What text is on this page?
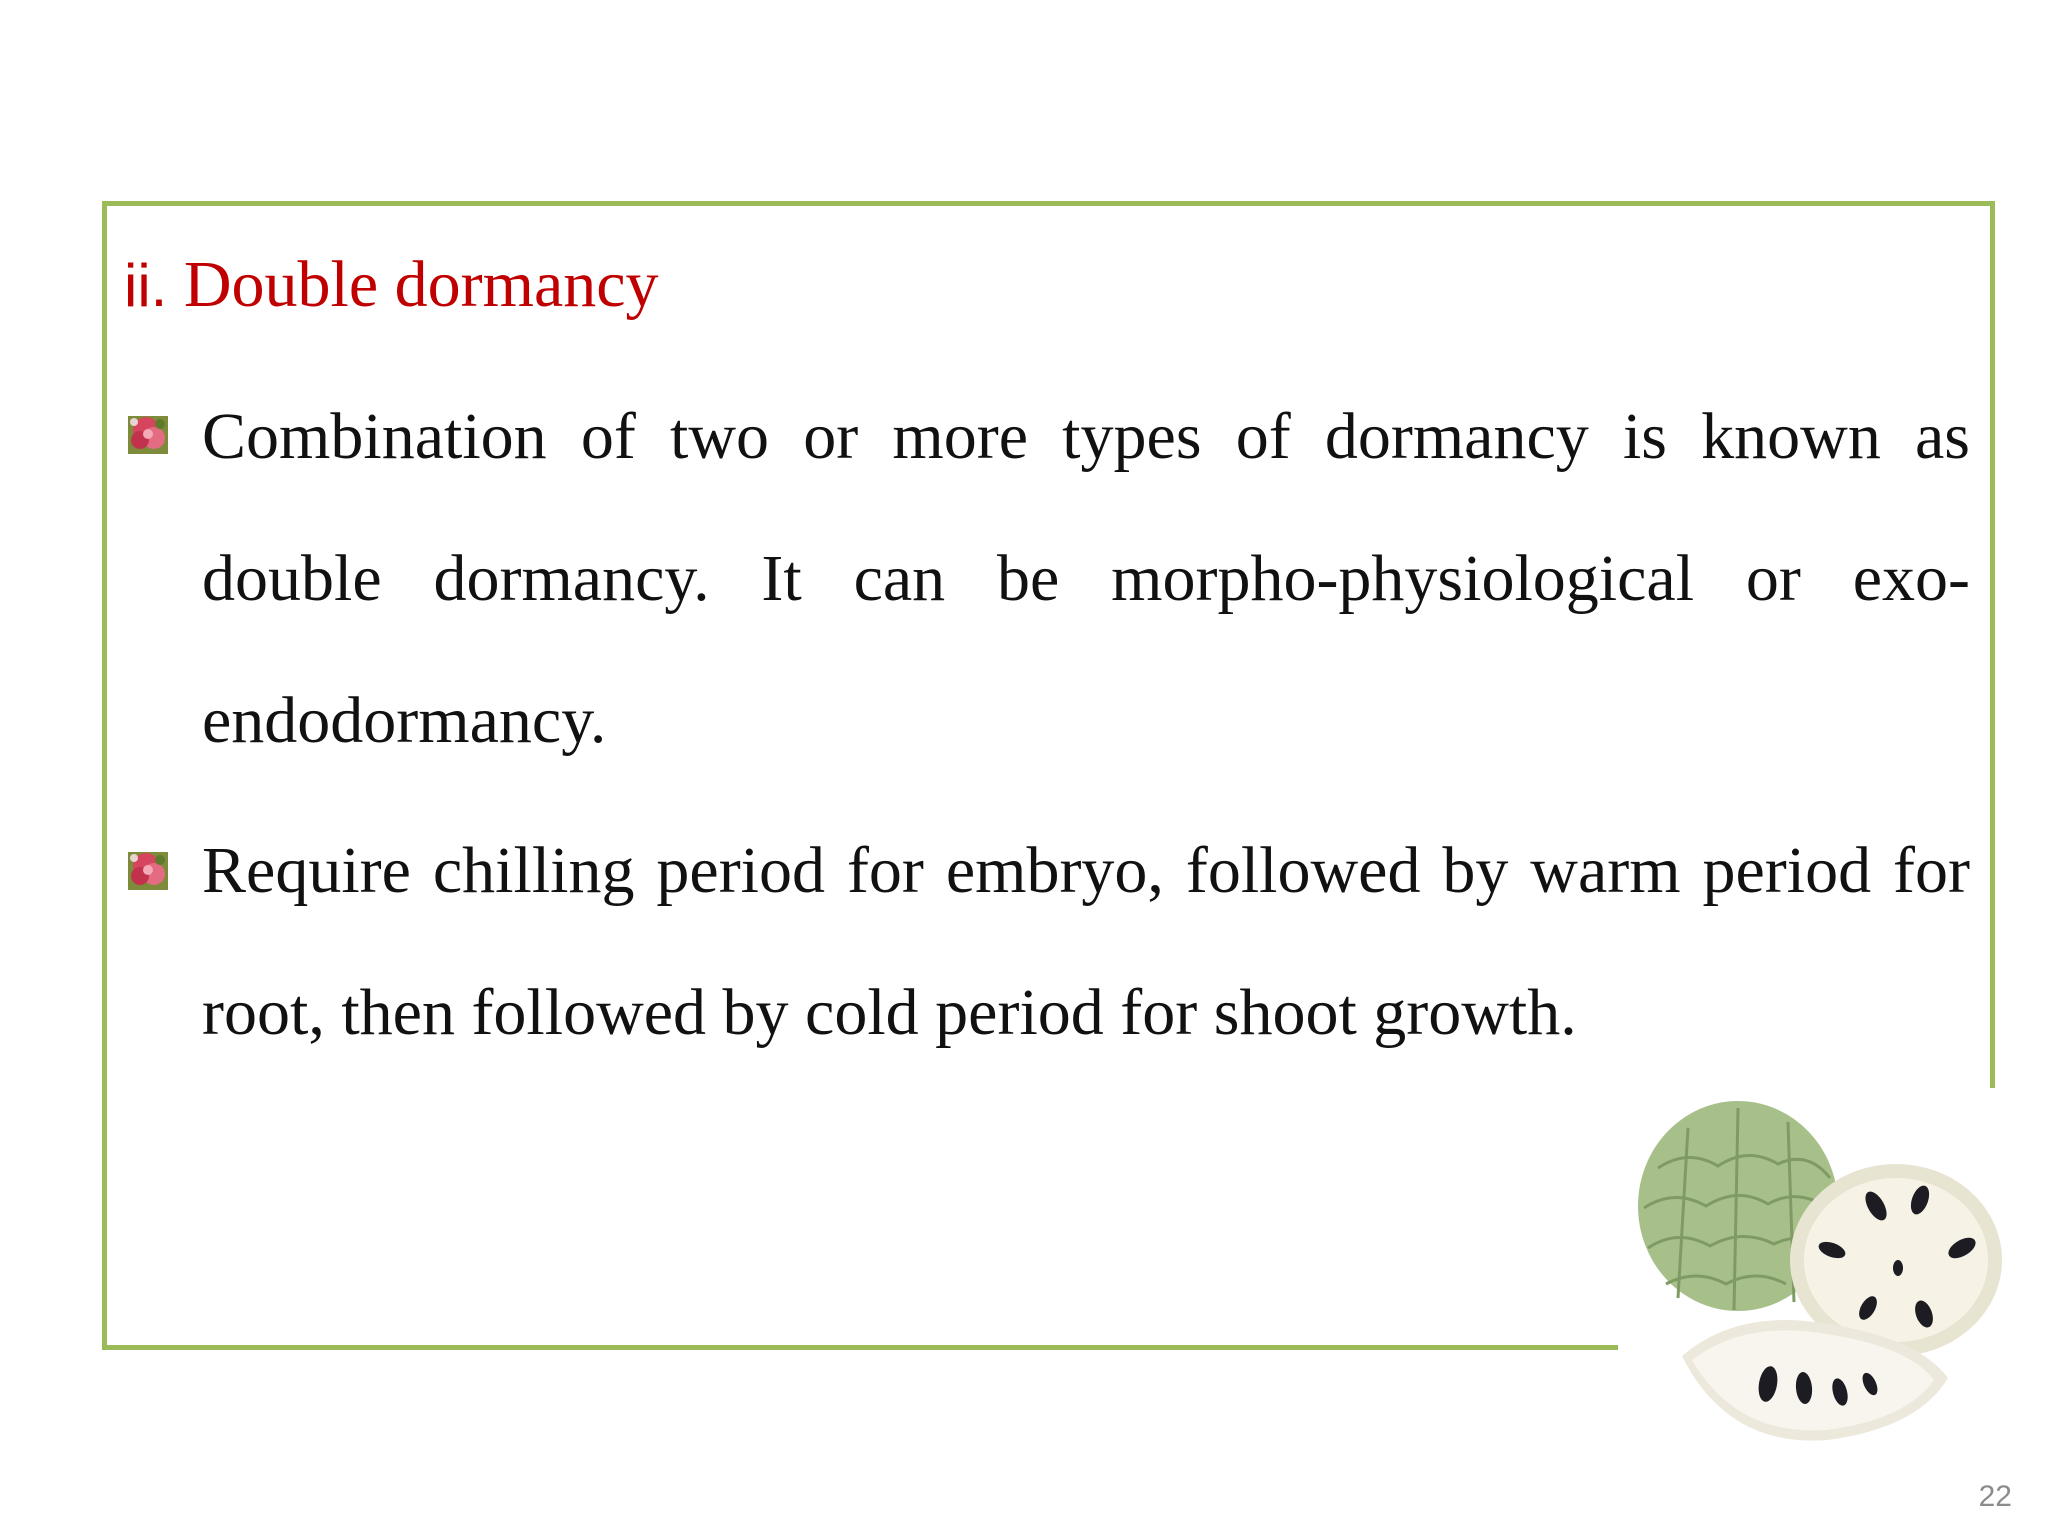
ii. Double dormancy

Combination of two or more types of dormancy is known as double dormancy. It can be morpho-physiological or exo-endodormancy.

Require chilling period for embryo, followed by warm period for root, then followed by cold period for shoot growth.

22
